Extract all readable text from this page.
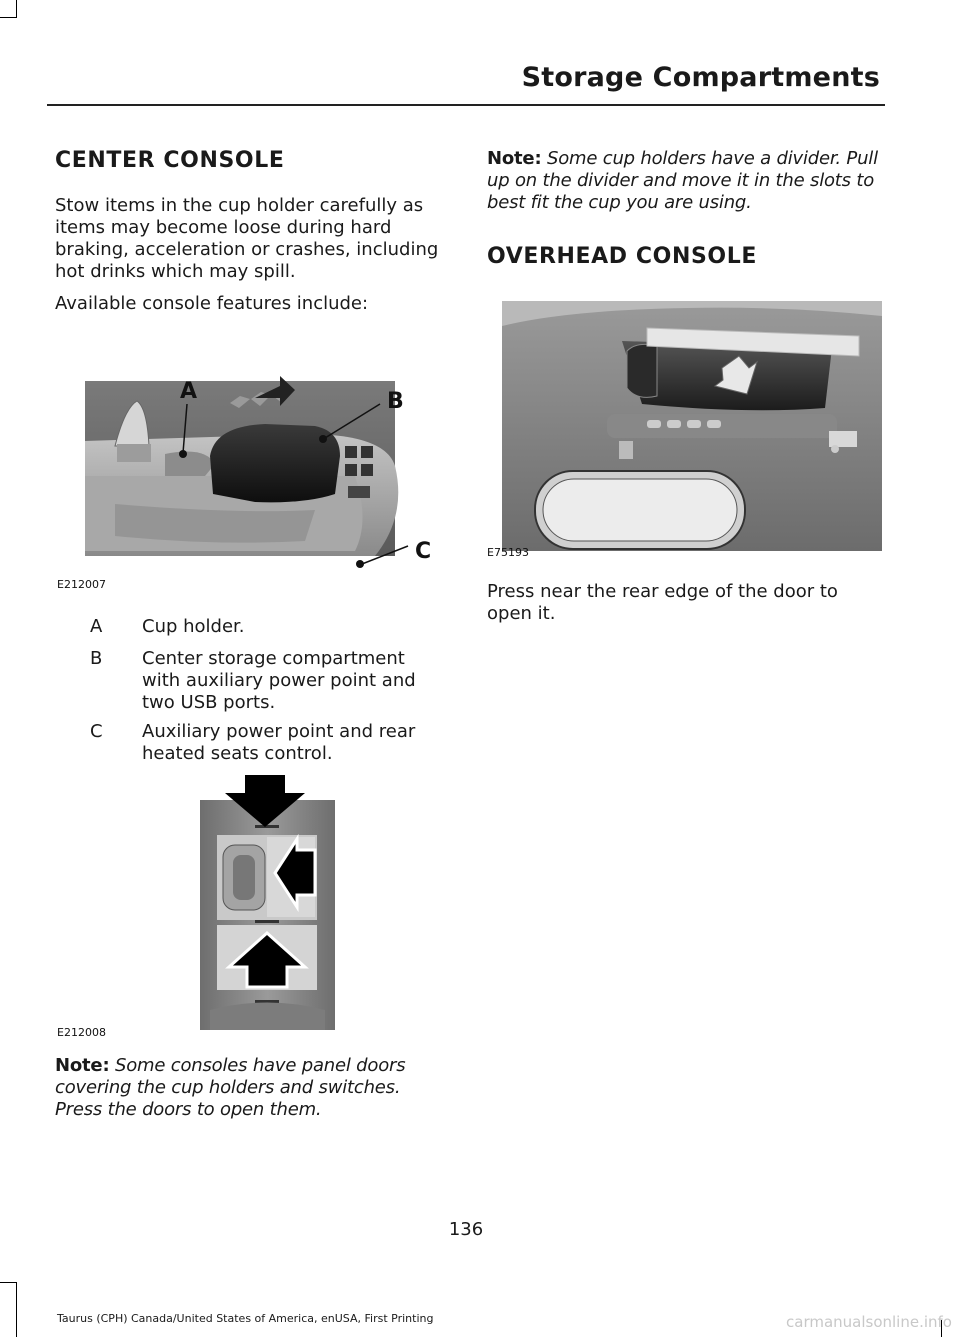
Storage Compartments
CENTER CONSOLE

Stow items in the cup holder carefully as items may become loose during hard braking, acceleration or crashes, including hot drinks which may spill.

Available console features include:

A	B
C
E212007
A Cup holder.
B Center storage compartment with auxiliary power point and two USB ports.
C Auxiliary power point and rear heated seats control.
E212008

Note: Some consoles have panel doors covering the cup holders and switches. Press the doors to open them.

Note: Some cup holders have a divider. Pull up on the divider and move it in the slots to best fit the cup you are using.

OVERHEAD CONSOLE
E75193

Press near the rear edge of the door to open it.

136
Taurus (CPH) Canada/United States of America, enUSA, First Printing	carmanualsonline.info
